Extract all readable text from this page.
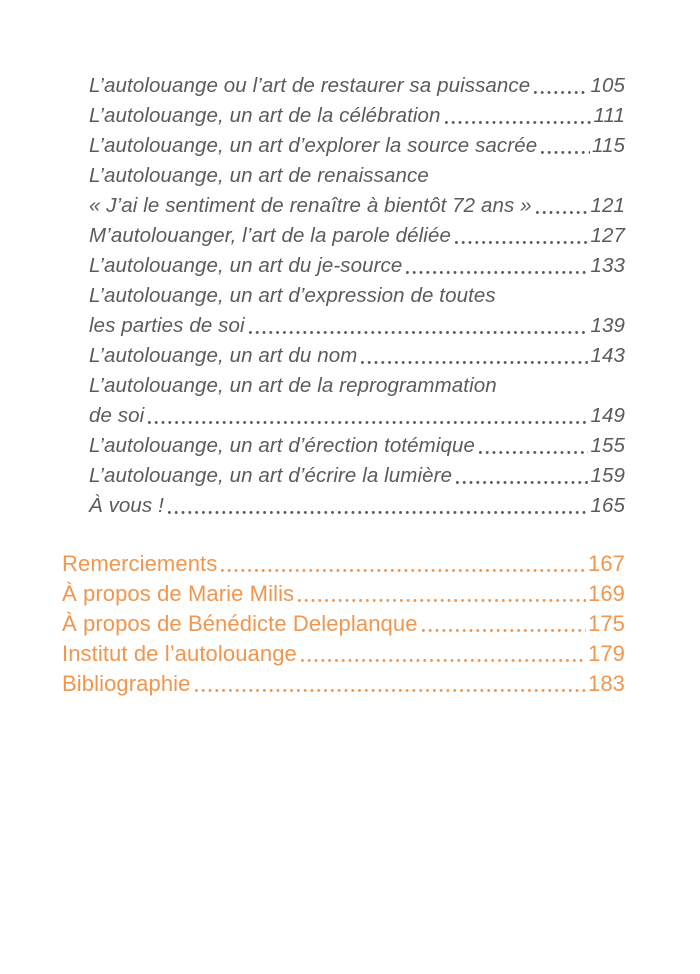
L’autolouange ou l’art de restaurer sa puissance	105
L’autolouange, un art de la célébration	111
L’autolouange, un art d’explorer la source sacrée	115
L’autolouange, un art de renaissance
« J’ai le sentiment de renaître à bientôt 72 ans »	121
M’autolouanger, l’art de la parole déliée	127
L’autolouange, un art du je-source	133
L’autolouange, un art d’expression de toutes
les parties de soi	139
L’autolouange, un art du nom	143
L’autolouange, un art de la reprogrammation
de soi	149
L’autolouange, un art d’érection totémique	155
L’autolouange, un art d’écrire la lumière	159
À vous !	165
Remerciements	167
À propos de Marie Milis	169
À propos de Bénédicte Deleplanque	175
Institut de l’autolouange	179
Bibliographie	183
